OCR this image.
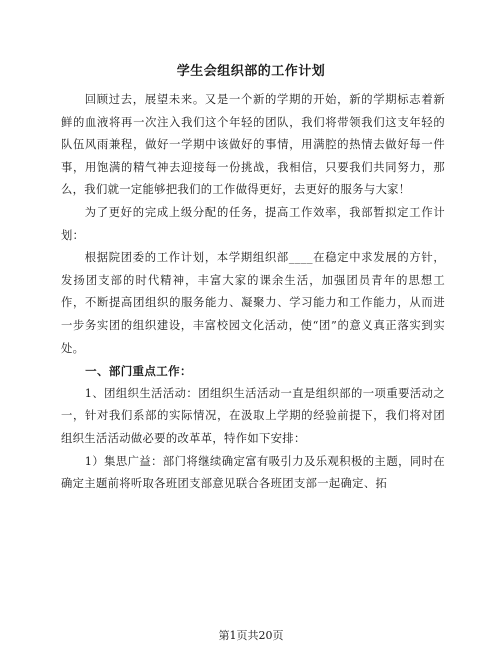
学生会组织部的工作计划

回顾过去，展望未来。又是一个新的学期的开始，新的学期标志着新鲜的血液将再一次注入我们这个年轻的团队，我们将带领我们这支年轻的队伍风雨兼程，做好一学期中该做好的事情，用满腔的热情去做好每一件事，用饱满的精气神去迎接每一份挑战，我相信，只要我们共同努力，那么，我们就一定能够把我们的工作做得更好，去更好的服务与大家！

为了更好的完成上级分配的任务，提高工作效率，我部暂拟定工作计划：

根据院团委的工作计划，本学期组织部____在稳定中求发展的方针，发扬团支部的时代精神，丰富大家的课余生活，加强团员青年的思想工作，不断提高团组织的服务能力、凝聚力、学习能力和工作能力，从而进一步务实团的组织建设，丰富校园文化活动，使“团”的意义真正落实到实处。

一、部门重点工作：

1、团组织生活活动：团组织生活活动一直是组织部的一项重要活动之一，针对我们系部的实际情况，在汲取上学期的经验前提下，我们将对团组织生活活动做必要的改革革，特作如下安排：

1）集思广益：部门将继续确定富有吸引力及乐观积极的主题，同时在确定主题前将听取各班团支部意见联合各班团支部一起确定、拓

第1页共20页
